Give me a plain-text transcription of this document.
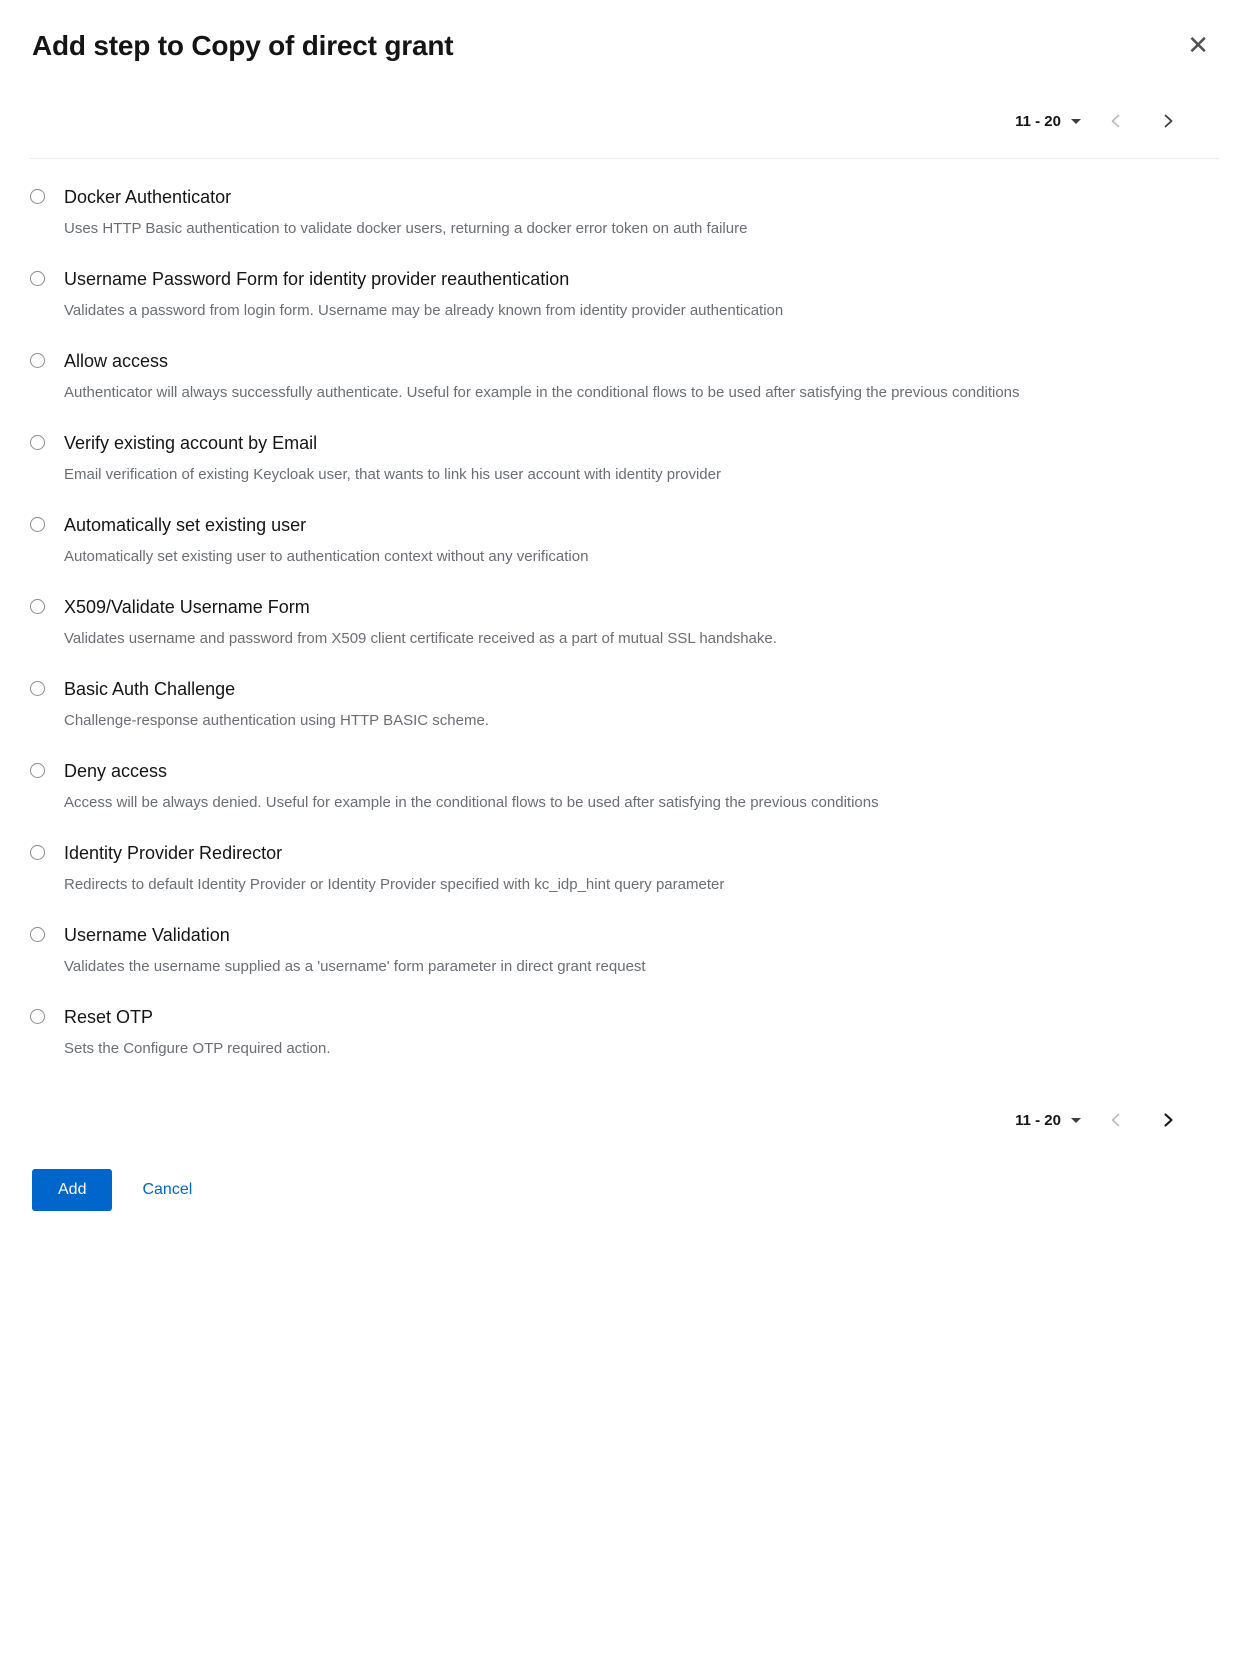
Add step to Copy of direct grant	✕
11 - 20
Docker Authenticator
Uses HTTP Basic authentication to validate docker users, returning a docker error token on auth failure
Username Password Form for identity provider reauthentication
Validates a password from login form. Username may be already known from identity provider authentication
Allow access
Authenticator will always successfully authenticate. Useful for example in the conditional flows to be used after satisfying the previous conditions
Verify existing account by Email
Email verification of existing Keycloak user, that wants to link his user account with identity provider
Automatically set existing user
Automatically set existing user to authentication context without any verification
X509/Validate Username Form
Validates username and password from X509 client certificate received as a part of mutual SSL handshake.
Basic Auth Challenge
Challenge-response authentication using HTTP BASIC scheme.
Deny access
Access will be always denied. Useful for example in the conditional flows to be used after satisfying the previous conditions
Identity Provider Redirector
Redirects to default Identity Provider or Identity Provider specified with kc_idp_hint query parameter
Username Validation
Validates the username supplied as a 'username' form parameter in direct grant request
Reset OTP
Sets the Configure OTP required action.
11 - 20
Add	Cancel
